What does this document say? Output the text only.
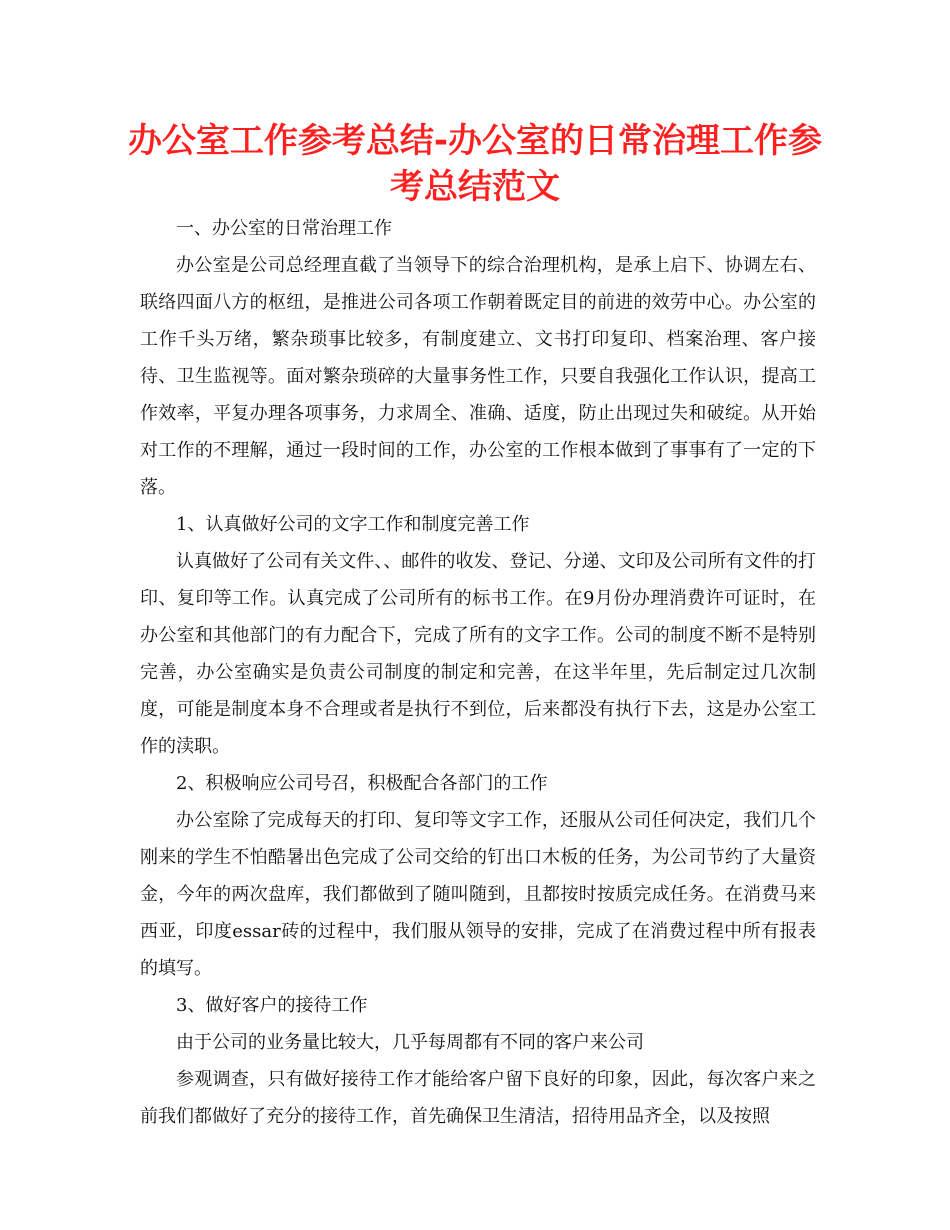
办公室工作参考总结-办公室的日常治理工作参考总结范文

一、办公室的日常治理工作

办公室是公司总经理直截了当领导下的综合治理机构，是承上启下、协调左右、联络四面八方的枢纽，是推进公司各项工作朝着既定目的前进的效劳中心。办公室的工作千头万绪，繁杂琐事比较多，有制度建立、文书打印复印、档案治理、客户接待、卫生监视等。面对繁杂琐碎的大量事务性工作，只要自我强化工作认识，提高工作效率，平复办理各项事务，力求周全、准确、适度，防止出现过失和破绽。从开始对工作的不理解，通过一段时间的工作，办公室的工作根本做到了事事有了一定的下落。

1、认真做好公司的文字工作和制度完善工作

认真做好了公司有关文件、、邮件的收发、登记、分递、文印及公司所有文件的打印、复印等工作。认真完成了公司所有的标书工作。在9月份办理消费许可证时，在办公室和其他部门的有力配合下，完成了所有的文字工作。公司的制度不断不是特别完善，办公室确实是负责公司制度的制定和完善，在这半年里，先后制定过几次制度，可能是制度本身不合理或者是执行不到位，后来都没有执行下去，这是办公室工作的渎职。

2、积极响应公司号召，积极配合各部门的工作

办公室除了完成每天的打印、复印等文字工作，还服从公司任何决定，我们几个刚来的学生不怕酷暑出色完成了公司交给的钉出口木板的任务，为公司节约了大量资金，今年的两次盘库，我们都做到了随叫随到，且都按时按质完成任务。在消费马来西亚，印度essar砖的过程中，我们服从领导的安排，完成了在消费过程中所有报表的填写。

3、做好客户的接待工作

由于公司的业务量比较大，几乎每周都有不同的客户来公司

参观调查，只有做好接待工作才能给客户留下良好的印象，因此，每次客户来之前我们都做好了充分的接待工作，首先确保卫生清洁，招待用品齐全，以及按照
